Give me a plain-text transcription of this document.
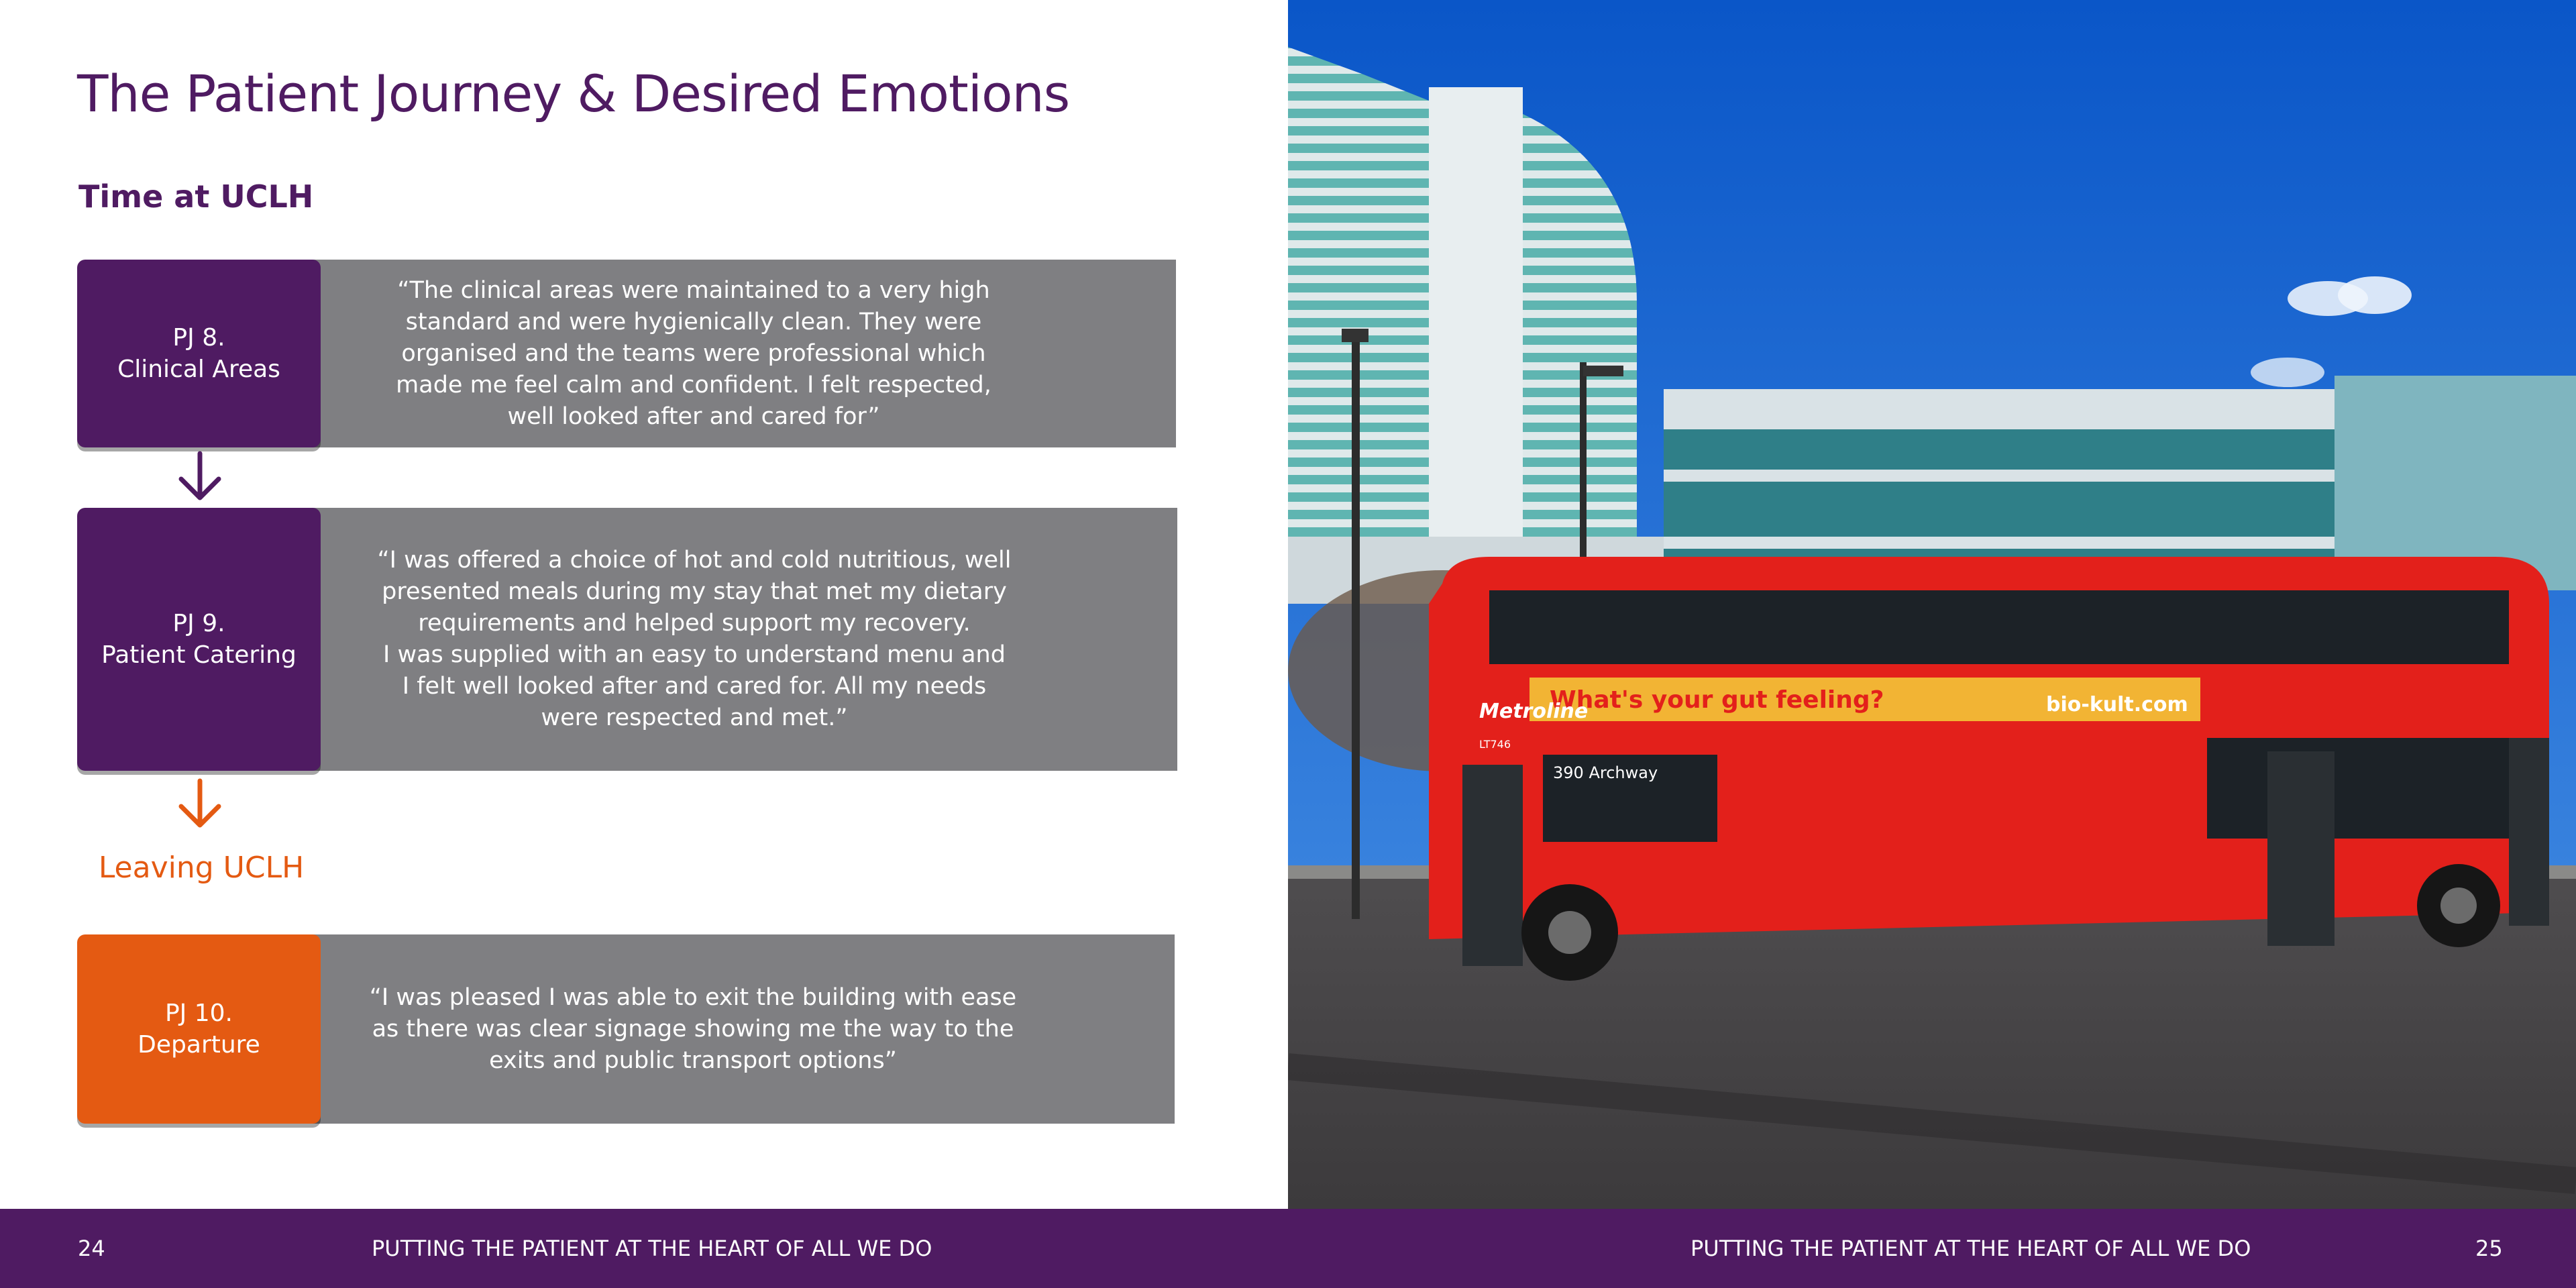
The Patient Journey & Desired Emotions
Time at UCLH
“The clinical areas were maintained to a very high
standard and were hygienically clean. They were
organised and the teams were professional which
made me feel calm and confident. I felt respected,
well looked after and cared for”
PJ 8.
Clinical Areas
“I was offered a choice of hot and cold nutritious, well
presented meals during my stay that met my dietary
requirements and helped support my recovery.
I was supplied with an easy to understand menu and
I felt well looked after and cared for. All my needs
were respected and met.”
PJ 9.
Patient Catering
Leaving UCLH
“I was pleased I was able to exit the building with ease
as there was clear signage showing me the way to the
exits and public transport options”
PJ 10.
Departure
What's your gut feeling?	bio-kult.com
Metroline
LT746
390 Archway
24	PUTTING THE PATIENT AT THE HEART OF ALL WE DO	PUTTING THE PATIENT AT THE HEART OF ALL WE DO	25
